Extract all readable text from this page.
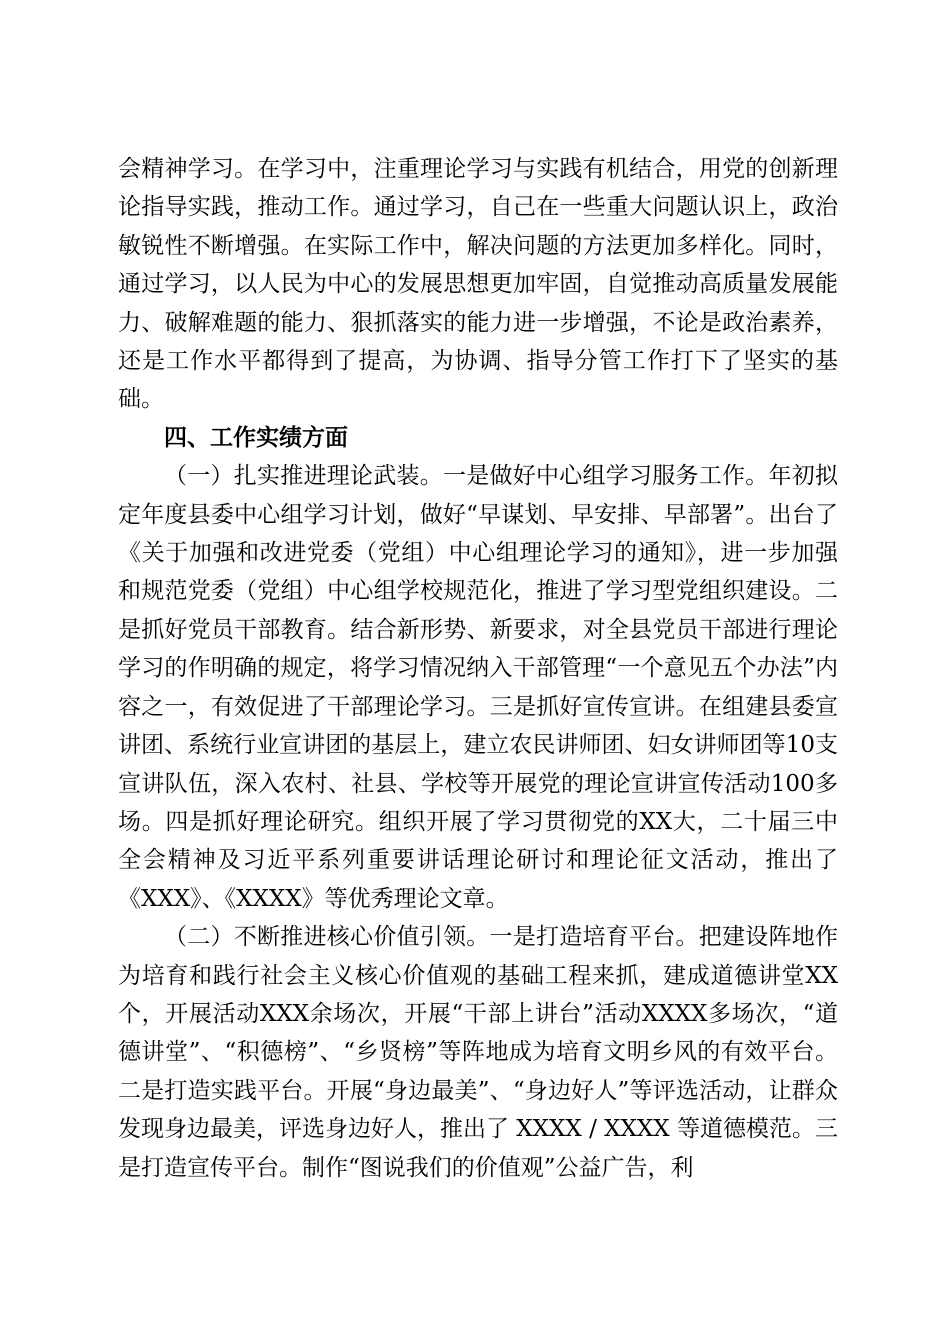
会精神学习。在学习中，注重理论学习与实践有机结合，用党的创新理论指导实践，推动工作。通过学习，自己在一些重大问题认识上，政治敏锐性不断增强。在实际工作中，解决问题的方法更加多样化。同时，通过学习，以人民为中心的发展思想更加牢固，自觉推动高质量发展能力、破解难题的能力、狠抓落实的能力进一步增强，不论是政治素养，还是工作水平都得到了提高，为协调、指导分管工作打下了坚实的基础。

四、工作实绩方面

（一）扎实推进理论武装。一是做好中心组学习服务工作。年初拟定年度县委中心组学习计划，做好“早谋划、早安排、早部署”。出台了《关于加强和改进党委（党组）中心组理论学习的通知》，进一步加强和规范党委（党组）中心组学校规范化，推进了学习型党组织建设。二是抓好党员干部教育。结合新形势、新要求，对全县党员干部进行理论学习的作明确的规定，将学习情况纳入干部管理“一个意见五个办法”内容之一，有效促进了干部理论学习。三是抓好宣传宣讲。在组建县委宣讲团、系统行业宣讲团的基层上，建立农民讲师团、妇女讲师团等10支宣讲队伍，深入农村、社县、学校等开展党的理论宣讲宣传活动100多场。四是抓好理论研究。组织开展了学习贯彻党的XX大，二十届三中全会精神及习近平系列重要讲话理论研讨和理论征文活动，推出了《XXX》、《XXXX》等优秀理论文章。

（二）不断推进核心价值引领。一是打造培育平台。把建设阵地作为培育和践行社会主义核心价值观的基础工程来抓，建成道德讲堂XX个，开展活动XXX余场次，开展“干部上讲台”活动XXXX多场次，“道德讲堂”、“积德榜”、“乡贤榜”等阵地成为培育文明乡风的有效平台。二是打造实践平台。开展“身边最美”、“身边好人”等评选活动，让群众发现身边最美，评选身边好人，推出了 XXXX / XXXX 等道德模范。三是打造宣传平台。制作“图说我们的价值观”公益广告，利
